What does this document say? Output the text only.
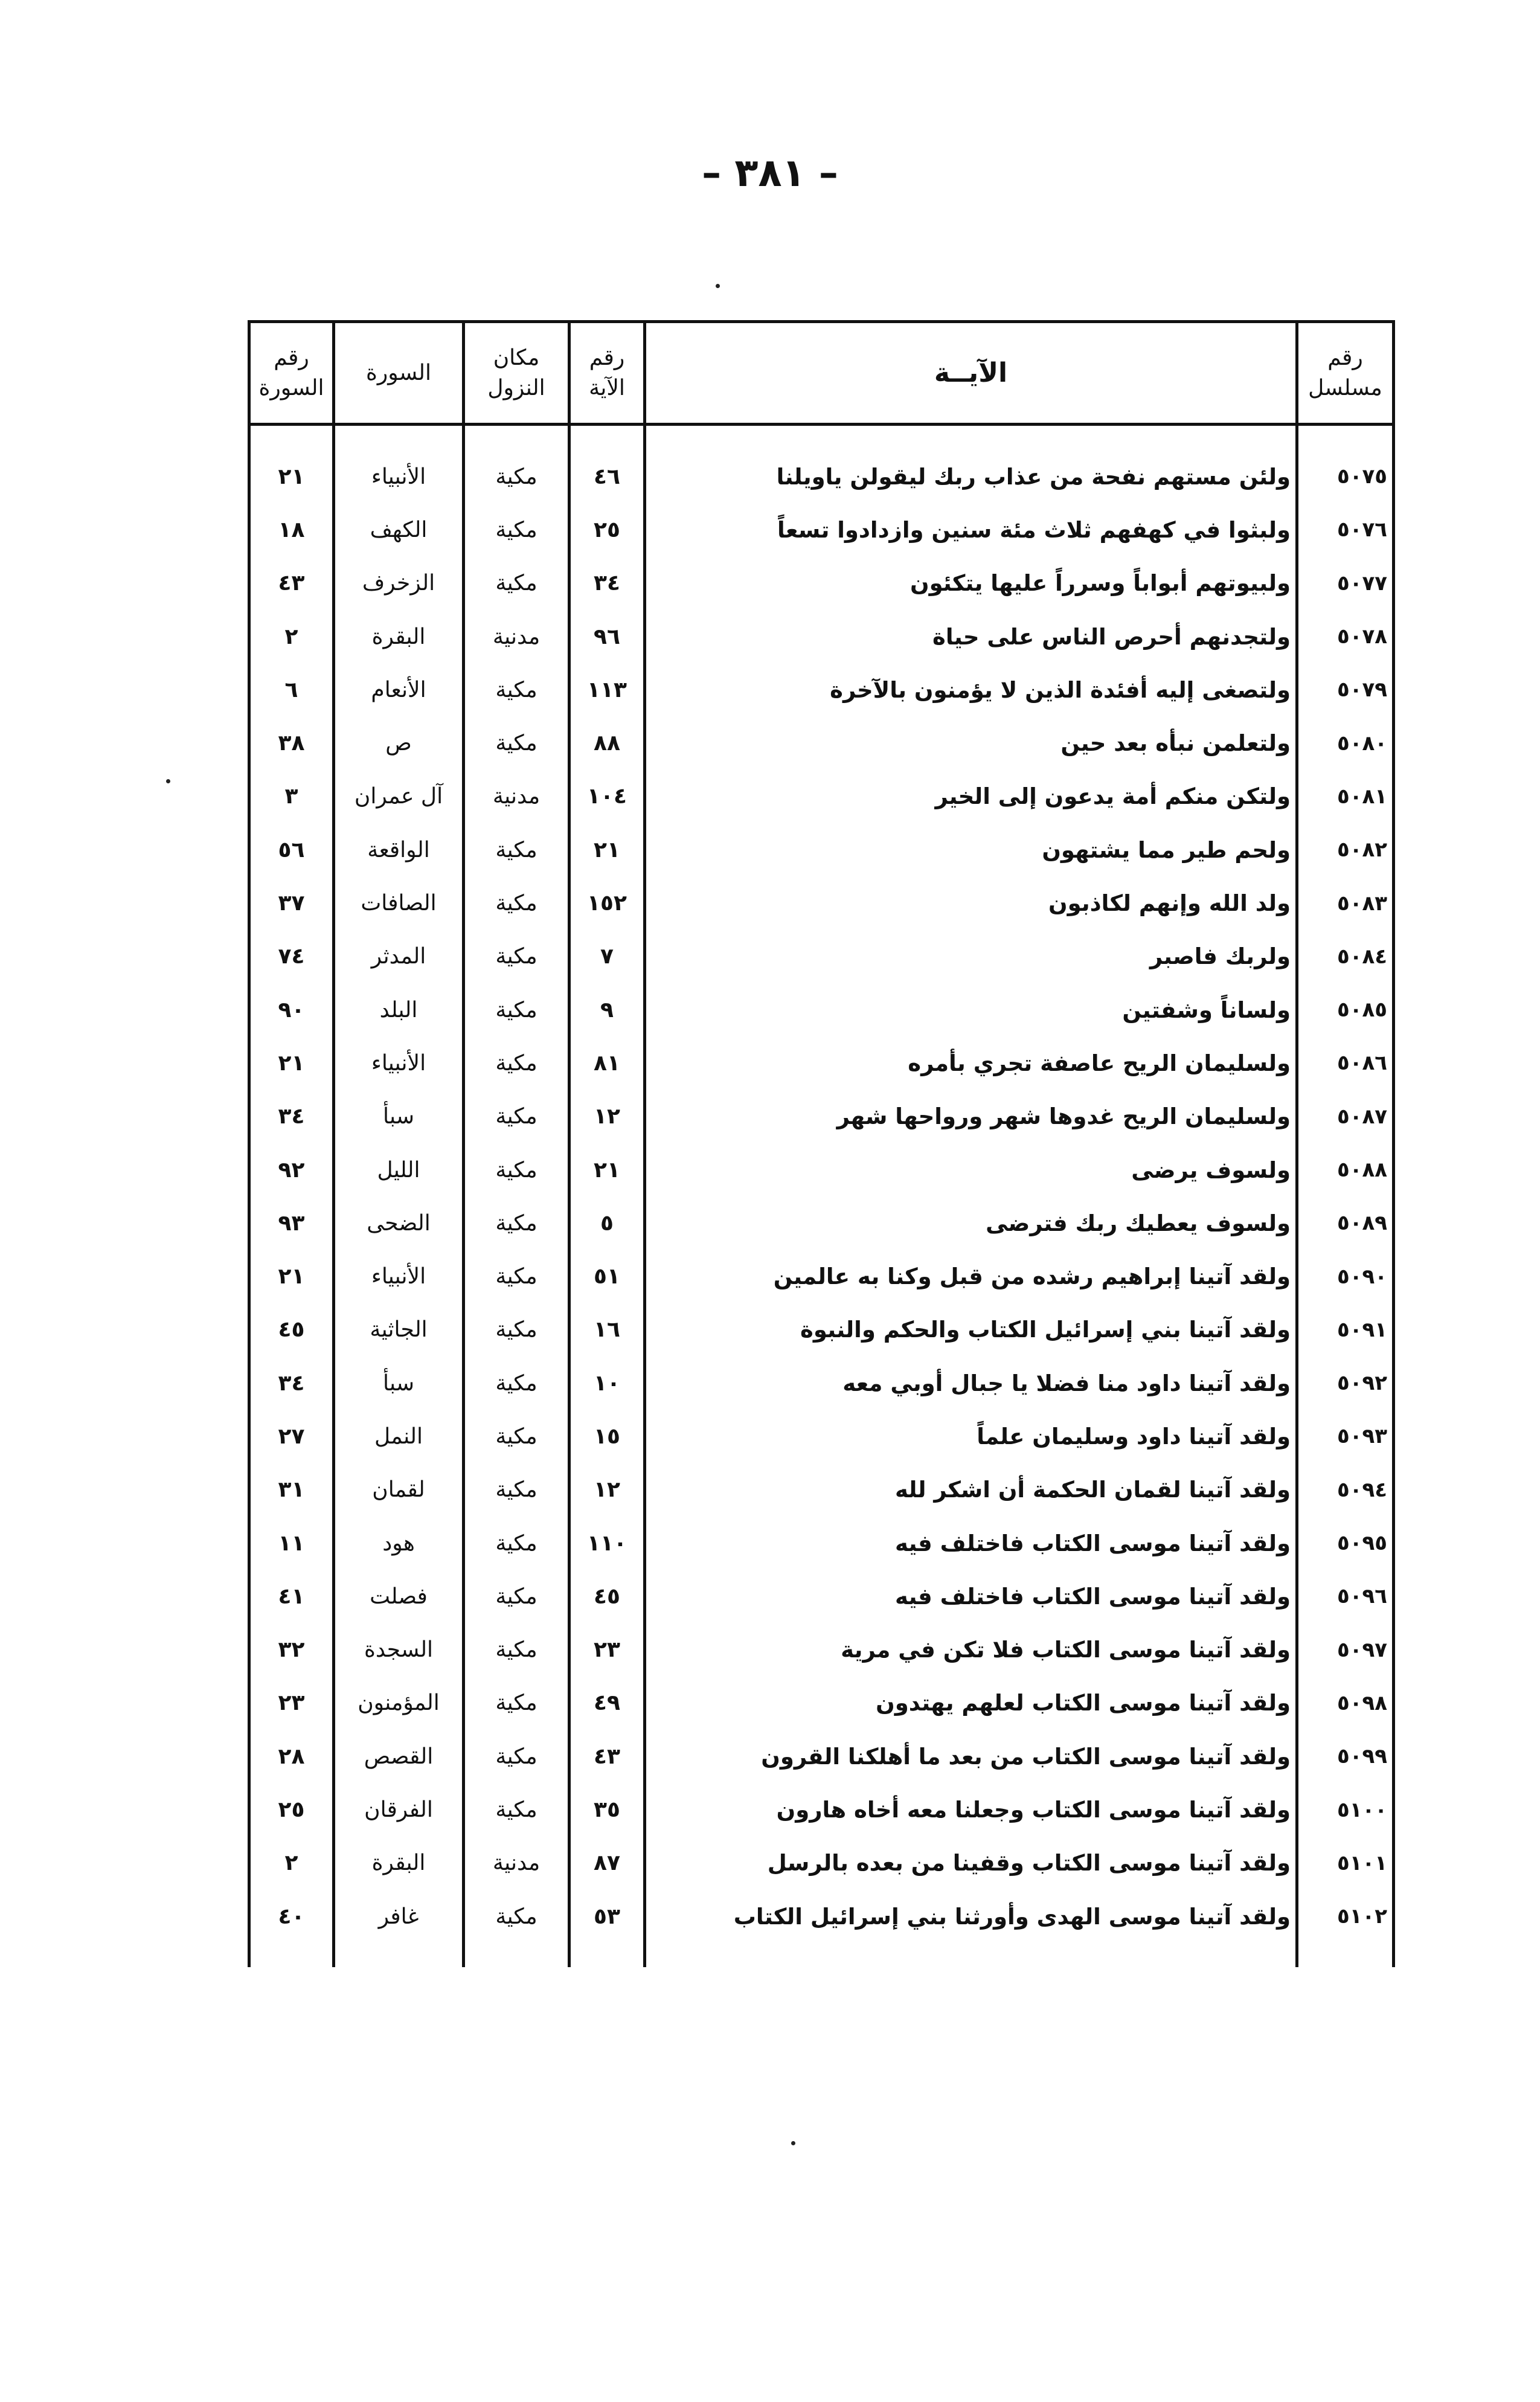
– ٣٨١ –
رقم مسلسل	الآيــة	رقم الآية	مكان النزول	السورة	رقم السورة
٥٠٧٥	ولئن مستهم نفحة من عذاب ربك ليقولن ياويلنا	٤٦	مكية	الأنبياء	٢١
٥٠٧٦	ولبثوا في كهفهم ثلاث مئة سنين وازدادوا تسعاً	٢٥	مكية	الكهف	١٨
٥٠٧٧	ولبيوتهم أبواباً وسرراً عليها يتكئون	٣٤	مكية	الزخرف	٤٣
٥٠٧٨	ولتجدنهم أحرص الناس على حياة	٩٦	مدنية	البقرة	٢
٥٠٧٩	ولتصغى إليه أفئدة الذين لا يؤمنون بالآخرة	١١٣	مكية	الأنعام	٦
٥٠٨٠	ولتعلمن نبأه بعد حين	٨٨	مكية	ص	٣٨
٥٠٨١	ولتكن منكم أمة يدعون إلى الخير	١٠٤	مدنية	آل عمران	٣
٥٠٨٢	ولحم طير مما يشتهون	٢١	مكية	الواقعة	٥٦
٥٠٨٣	ولد الله وإنهم لكاذبون	١٥٢	مكية	الصافات	٣٧
٥٠٨٤	ولربك فاصبر	٧	مكية	المدثر	٧٤
٥٠٨٥	ولساناً وشفتين	٩	مكية	البلد	٩٠
٥٠٨٦	ولسليمان الريح عاصفة تجري بأمره	٨١	مكية	الأنبياء	٢١
٥٠٨٧	ولسليمان الريح غدوها شهر ورواحها شهر	١٢	مكية	سبأ	٣٤
٥٠٨٨	ولسوف يرضى	٢١	مكية	الليل	٩٢
٥٠٨٩	ولسوف يعطيك ربك فترضى	٥	مكية	الضحى	٩٣
٥٠٩٠	ولقد آتينا إبراهيم رشده من قبل وكنا به عالمين	٥١	مكية	الأنبياء	٢١
٥٠٩١	ولقد آتينا بني إسرائيل الكتاب والحكم والنبوة	١٦	مكية	الجاثية	٤٥
٥٠٩٢	ولقد آتينا داود منا فضلا يا جبال أوبي معه	١٠	مكية	سبأ	٣٤
٥٠٩٣	ولقد آتينا داود وسليمان علماً	١٥	مكية	النمل	٢٧
٥٠٩٤	ولقد آتينا لقمان الحكمة أن اشكر لله	١٢	مكية	لقمان	٣١
٥٠٩٥	ولقد آتينا موسى الكتاب فاختلف فيه	١١٠	مكية	هود	١١
٥٠٩٦	ولقد آتينا موسى الكتاب فاختلف فيه	٤٥	مكية	فصلت	٤١
٥٠٩٧	ولقد آتينا موسى الكتاب فلا تكن في مرية	٢٣	مكية	السجدة	٣٢
٥٠٩٨	ولقد آتينا موسى الكتاب لعلهم يهتدون	٤٩	مكية	المؤمنون	٢٣
٥٠٩٩	ولقد آتينا موسى الكتاب من بعد ما أهلكنا القرون	٤٣	مكية	القصص	٢٨
٥١٠٠	ولقد آتينا موسى الكتاب وجعلنا معه أخاه هارون	٣٥	مكية	الفرقان	٢٥
٥١٠١	ولقد آتينا موسى الكتاب وقفينا من بعده بالرسل	٨٧	مدنية	البقرة	٢
٥١٠٢	ولقد آتينا موسى الهدى وأورثنا بني إسرائيل الكتاب	٥٣	مكية	غافر	٤٠
